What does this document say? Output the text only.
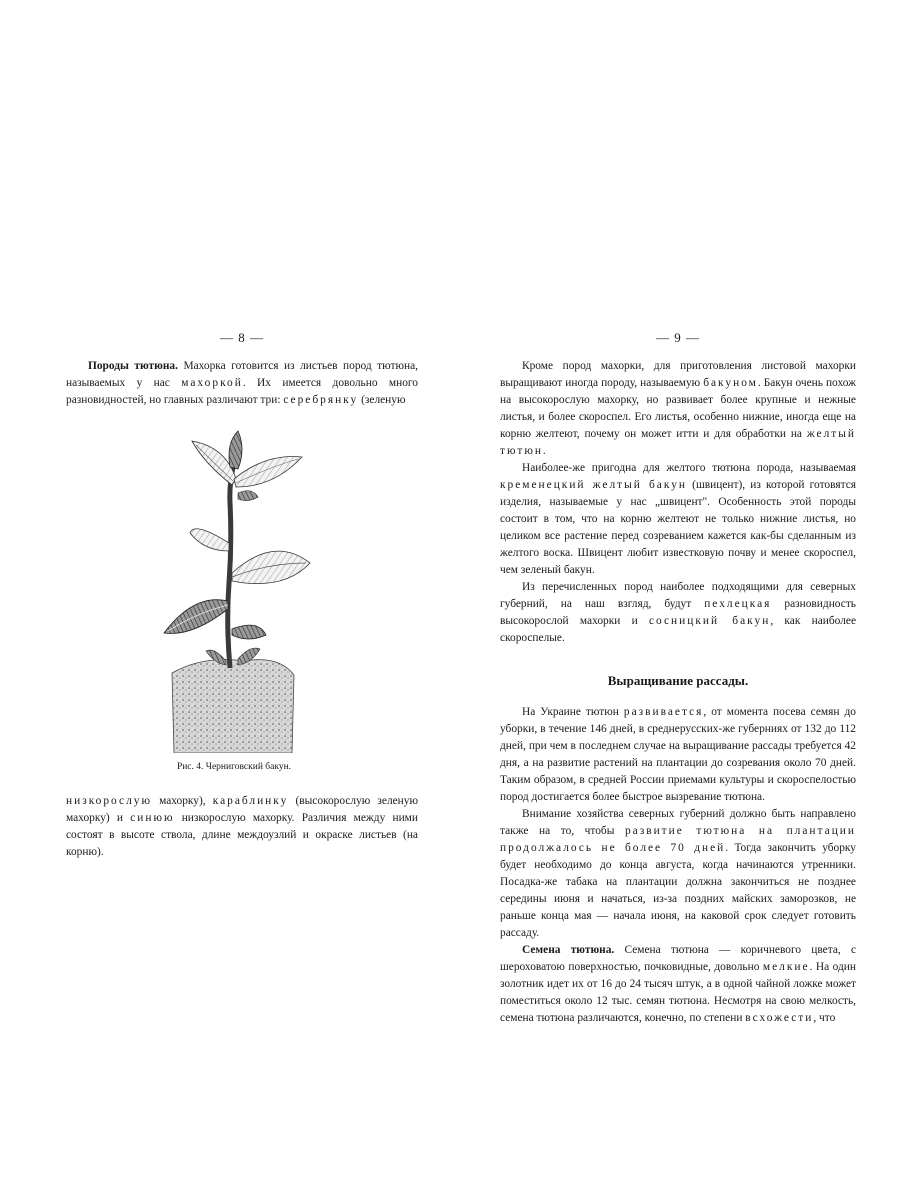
— 8 —

Породы тютюна. Махорка готовится из листьев пород тютюна, называемых у нас махоркой. Их имеется довольно много разновидностей, но главных различают три: серебрянку (зеленую

Рис. 4. Черниговский бакун.

низкорослую махорку), караблинку (высокорослую зеленую махорку) и синюю низкорослую махорку. Различия между ними состоят в высоте ствола, длине междоузлий и окраске листьев (на корню).

— 9 —

Кроме пород махорки, для приготовления листовой махорки выращивают иногда породу, называемую бакуном. Бакун очень похож на высокорослую махорку, но развивает более крупные и нежные листья, и более скороспел. Его листья, особенно нижние, иногда еще на корню желтеют, почему он может итти и для обработки на желтый тютюн.

Наиболее-же пригодна для желтого тютюна порода, называемая кременецкий желтый бакун (швицент), из которой готовятся изделия, называемые у нас „швицент". Особенность этой породы состоит в том, что на корню желтеют не только нижние листья, но целиком все растение перед созреванием кажется как-бы сделанным из желтого воска. Швицент любит известковую почву и менее скороспел, чем зеленый бакун.

Из перечисленных пород наиболее подходящими для северных губерний, на наш взгляд, будут пехлецкая разновидность высокорослой махорки и сосницкий бакун, как наиболее скороспелые.

Выращивание рассады.

На Украине тютюн развивается, от момента посева семян до уборки, в течение 146 дней, в среднерусских-же губерниях от 132 до 112 дней, при чем в последнем случае на выращивание рассады требуется 42 дня, а на развитие растений на плантации до созревания около 70 дней. Таким образом, в средней России приемами культуры и скороспелостью пород достигается более быстрое вызревание тютюна.

Внимание хозяйства северных губерний должно быть направлено также на то, чтобы развитие тютюна на плантации продолжалось не более 70 дней. Тогда закончить уборку будет необходимо до конца августа, когда начинаются утренники. Посадка-же табака на плантации должна закончиться не позднее середины июня и начаться, из-за поздних майских заморозков, не раньше конца мая — начала июня, на каковой срок следует готовить рассаду.

Семена тютюна. Семена тютюна — коричневого цвета, с шероховатою поверхностью, почковидные, довольно мелкие. На один золотник идет их от 16 до 24 тысяч штук, а в одной чайной ложке может поместиться около 12 тыс. семян тютюна. Несмотря на свою мелкость, семена тютюна различаются, конечно, по степени всхожести, что
